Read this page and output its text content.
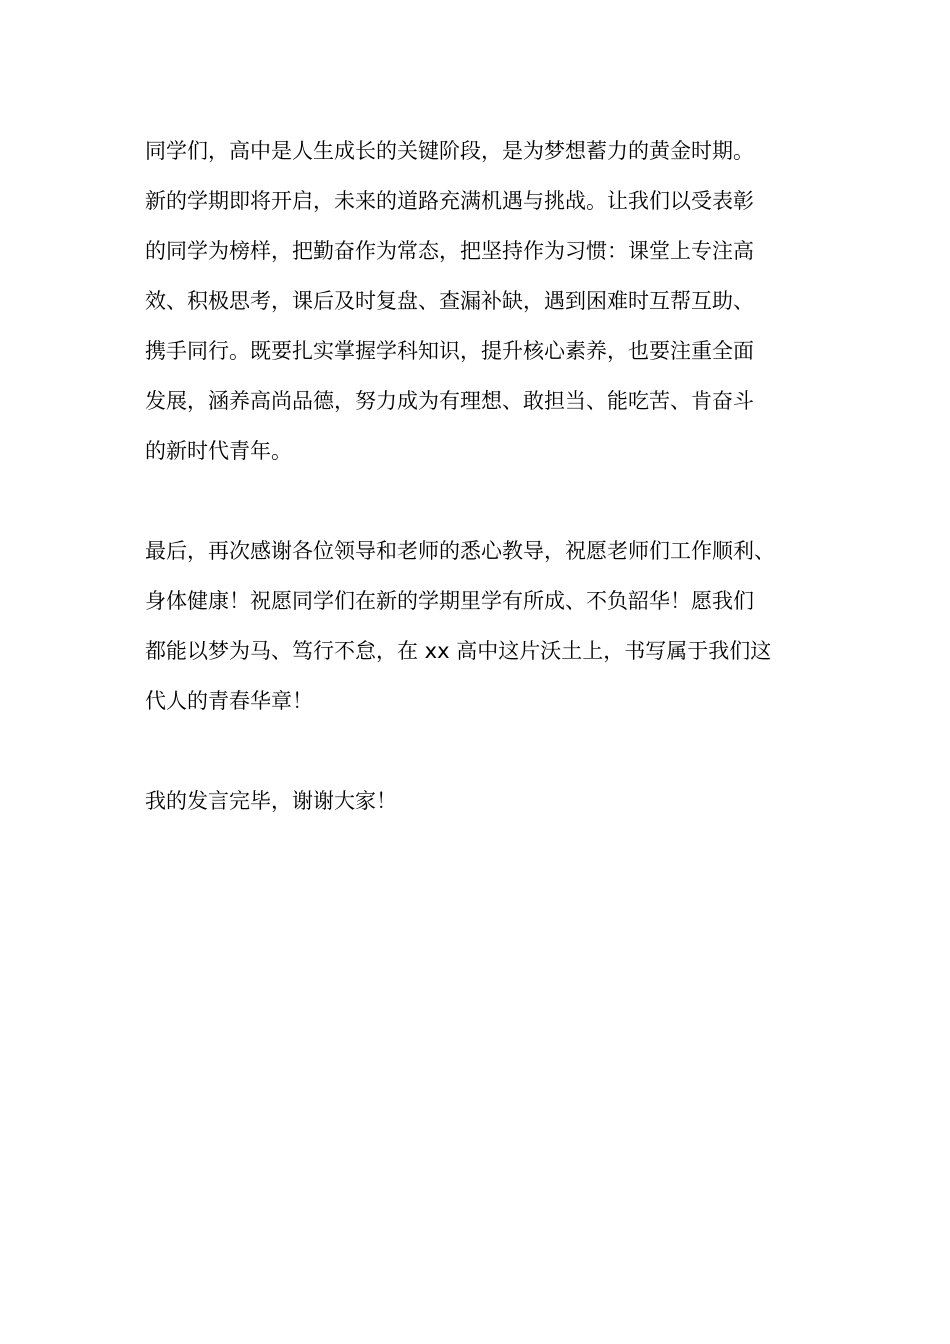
同学们，高中是人生成长的关键阶段，是为梦想蓄力的黄金时期。
新的学期即将开启，未来的道路充满机遇与挑战。让我们以受表彰
的同学为榜样，把勤奋作为常态，把坚持作为习惯：课堂上专注高
效、积极思考，课后及时复盘、查漏补缺，遇到困难时互帮互助、
携手同行。既要扎实掌握学科知识，提升核心素养，也要注重全面
发展，涵养高尚品德，努力成为有理想、敢担当、能吃苦、肯奋斗
的新时代青年。
最后，再次感谢各位领导和老师的悉心教导，祝愿老师们工作顺利、
身体健康！祝愿同学们在新的学期里学有所成、不负韶华！愿我们
都能以梦为马、笃行不怠，在 xx 高中这片沃土上，书写属于我们这
代人的青春华章！
我的发言完毕，谢谢大家！
